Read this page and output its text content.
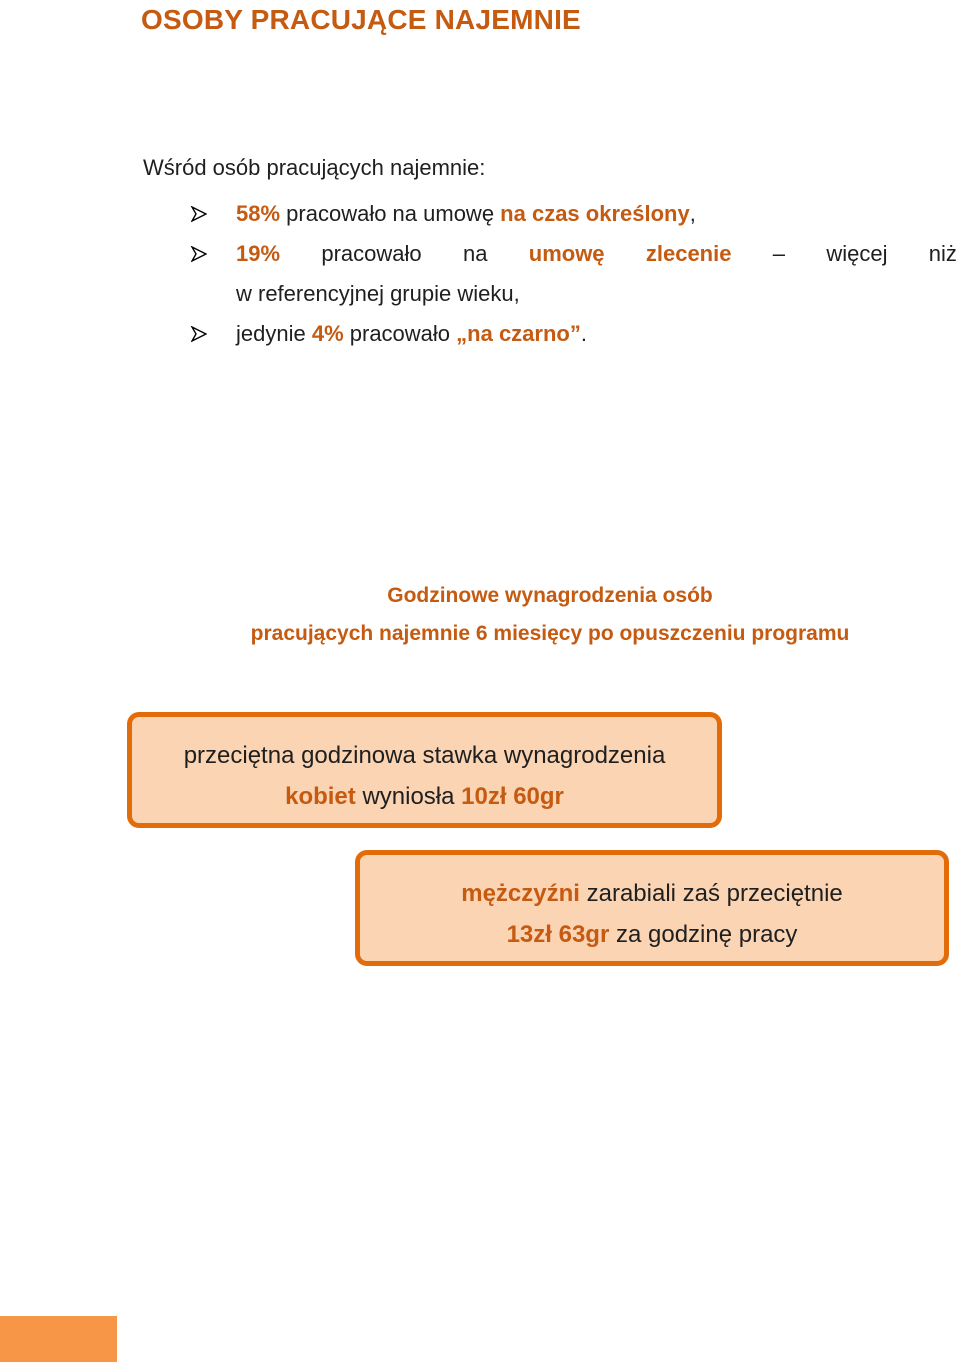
OSOBY PRACUJĄCE NAJEMNIE

Wśród osób pracujących najemnie:

58% pracowało na umowę na czas określony,
19% pracowało na umowę zlecenie – więcej niż
w referencyjnej grupie wieku,
jedynie 4% pracowało „na czarno”.
Godzinowe wynagrodzenia osób
pracujących najemnie 6 miesięcy po opuszczeniu programu
przeciętna godzinowa stawka wynagrodzenia
kobiet wyniosła 10zł 60gr
mężczyźni zarabiali zaś przeciętnie
13zł 63gr za godzinę pracy
